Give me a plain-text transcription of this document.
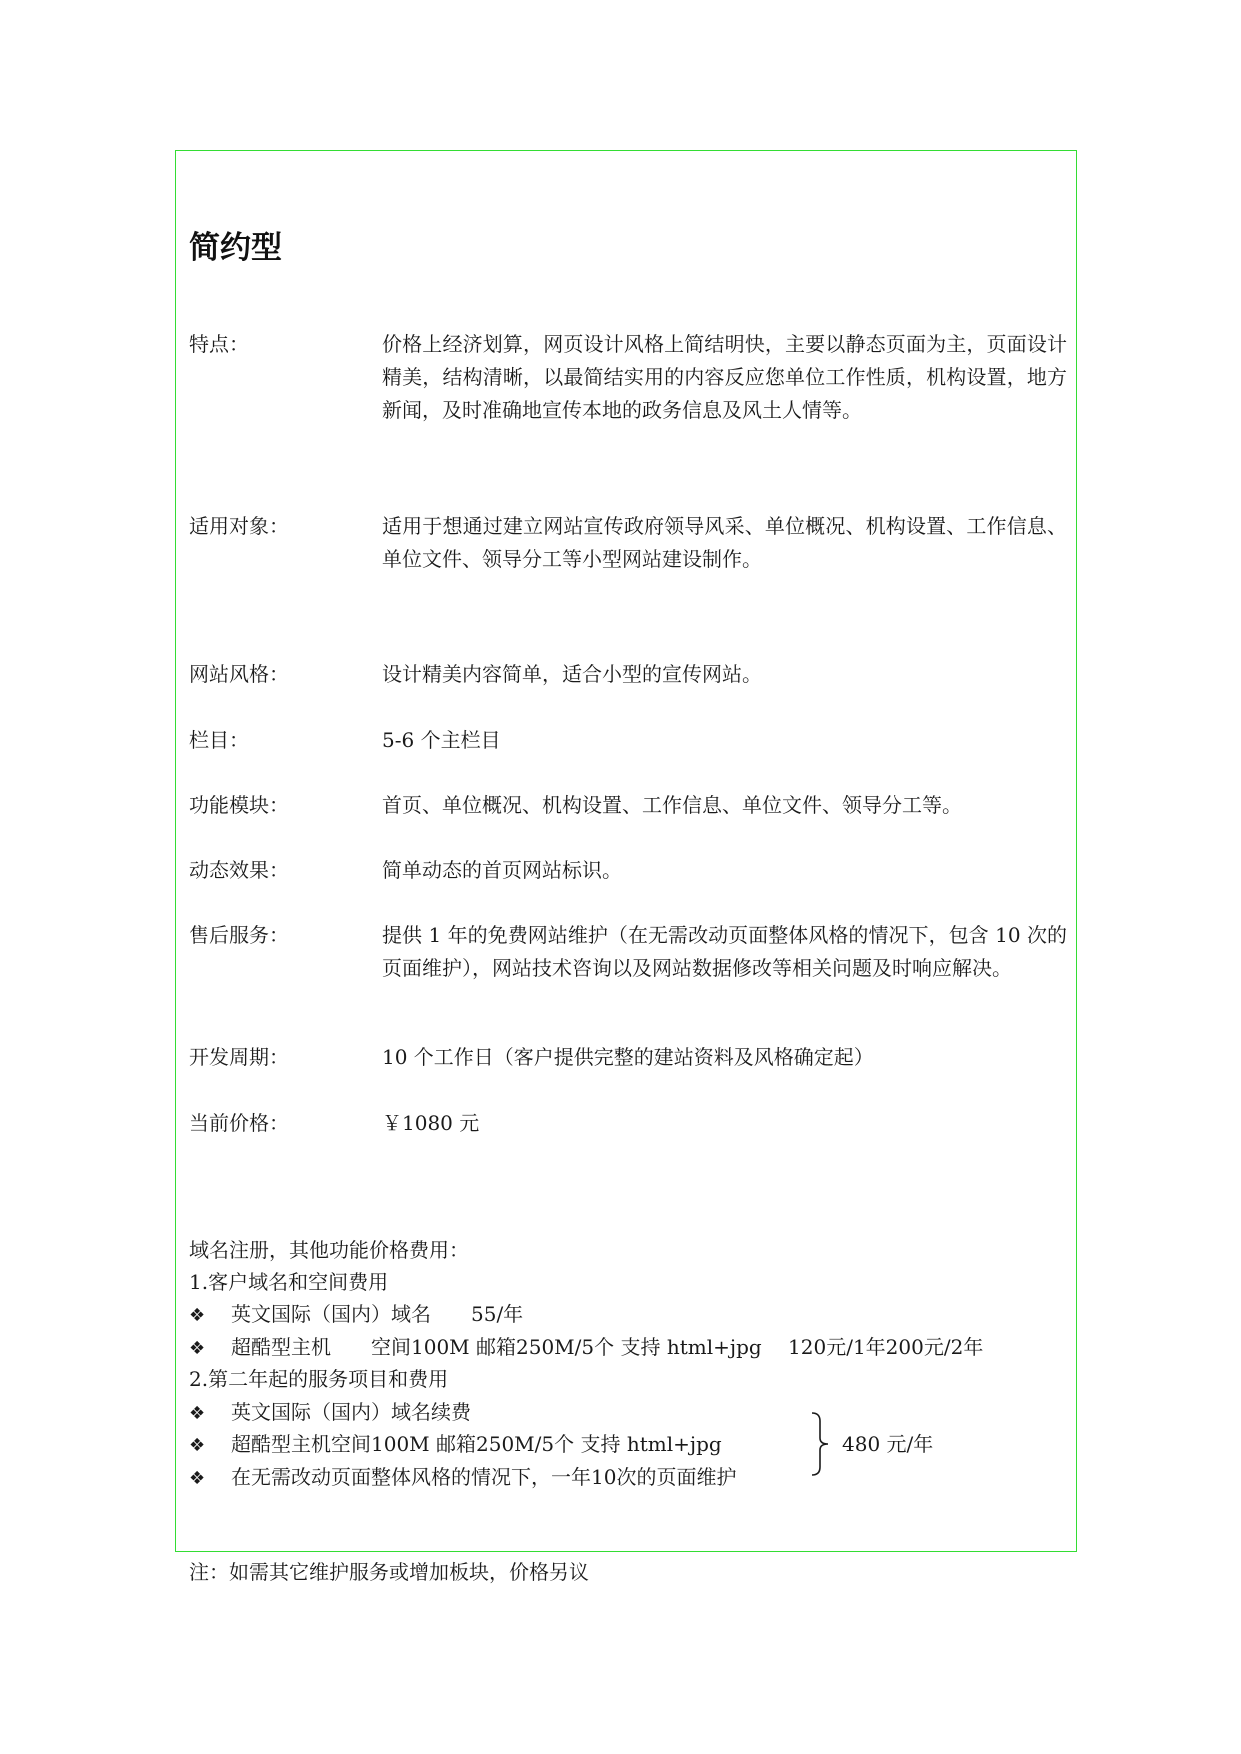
简约型
特点：	价格上经济划算，网页设计风格上简结明快，主要以静态页面为主，页面设计精美，结构清晰，以最简结实用的内容反应您单位工作性质，机构设置，地方新闻，及时准确地宣传本地的政务信息及风土人情等。
适用对象：	适用于想通过建立网站宣传政府领导风采、单位概况、机构设置、工作信息、单位文件、领导分工等小型网站建设制作。
网站风格：	设计精美内容简单，适合小型的宣传网站。
栏目：	5-6 个主栏目
功能模块：	首页、单位概况、机构设置、工作信息、单位文件、领导分工等。
动态效果：	简单动态的首页网站标识。
售后服务：	提供 1 年的免费网站维护（在无需改动页面整体风格的情况下，包含 10 次的页面维护），网站技术咨询以及网站数据修改等相关问题及时响应解决。
开发周期：	10 个工作日（客户提供完整的建站资料及风格确定起）
当前价格：	￥1080 元
域名注册，其他功能价格费用：
1.客户域名和空间费用
❖ 英文国际（国内）域名　　55/年
❖ 超酷型主机　　空间100M 邮箱250M/5个 支持 html+jpg　 120元/1年200元/2年
2.第二年起的服务项目和费用
❖ 英文国际（国内）域名续费
❖ 超酷型主机空间100M 邮箱250M/5个 支持 html+jpg
❖ 在无需改动页面整体风格的情况下，一年10次的页面维护
480 元/年
注：如需其它维护服务或增加板块，价格另议
